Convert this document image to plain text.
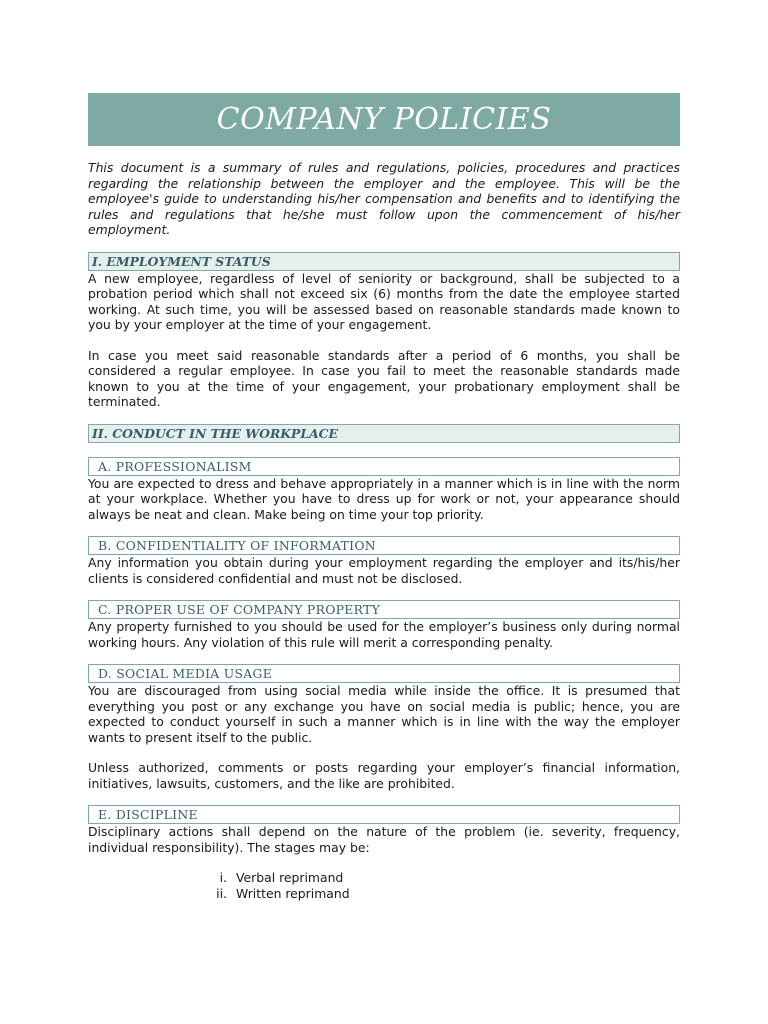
COMPANY POLICIES

This document is a summary of rules and regulations, policies, procedures and practices regarding the relationship between the employer and the employee. This will be the employee's guide to understanding his/her compensation and benefits and to identifying the rules and regulations that he/she must follow upon the commencement of his/her employment.

I. EMPLOYMENT STATUS

A new employee, regardless of level of seniority or background, shall be subjected to a probation period which shall not exceed six (6) months from the date the employee started working. At such time, you will be assessed based on reasonable standards made known to you by your employer at the time of your engagement.

In case you meet said reasonable standards after a period of 6 months, you shall be considered a regular employee. In case you fail to meet the reasonable standards made known to you at the time of your engagement, your probationary employment shall be terminated.

II. CONDUCT IN THE WORKPLACE
A. PROFESSIONALISM

You are expected to dress and behave appropriately in a manner which is in line with the norm at your workplace. Whether you have to dress up for work or not, your appearance should always be neat and clean. Make being on time your top priority.

B. CONFIDENTIALITY OF INFORMATION

Any information you obtain during your employment regarding the employer and its/his/her clients is considered confidential and must not be disclosed.

C. PROPER USE OF COMPANY PROPERTY

Any property furnished to you should be used for the employer’s business only during normal working hours. Any violation of this rule will merit a corresponding penalty.

D. SOCIAL MEDIA USAGE

You are discouraged from using social media while inside the office. It is presumed that everything you post or any exchange you have on social media is public; hence, you are expected to conduct yourself in such a manner which is in line with the way the employer wants to present itself to the public.

Unless authorized, comments or posts regarding your employer’s financial information, initiatives, lawsuits, customers, and the like are prohibited.

E. DISCIPLINE

Disciplinary actions shall depend on the nature of the problem (ie. severity, frequency, individual responsibility). The stages may be:

i. Verbal reprimand
ii. Written reprimand
